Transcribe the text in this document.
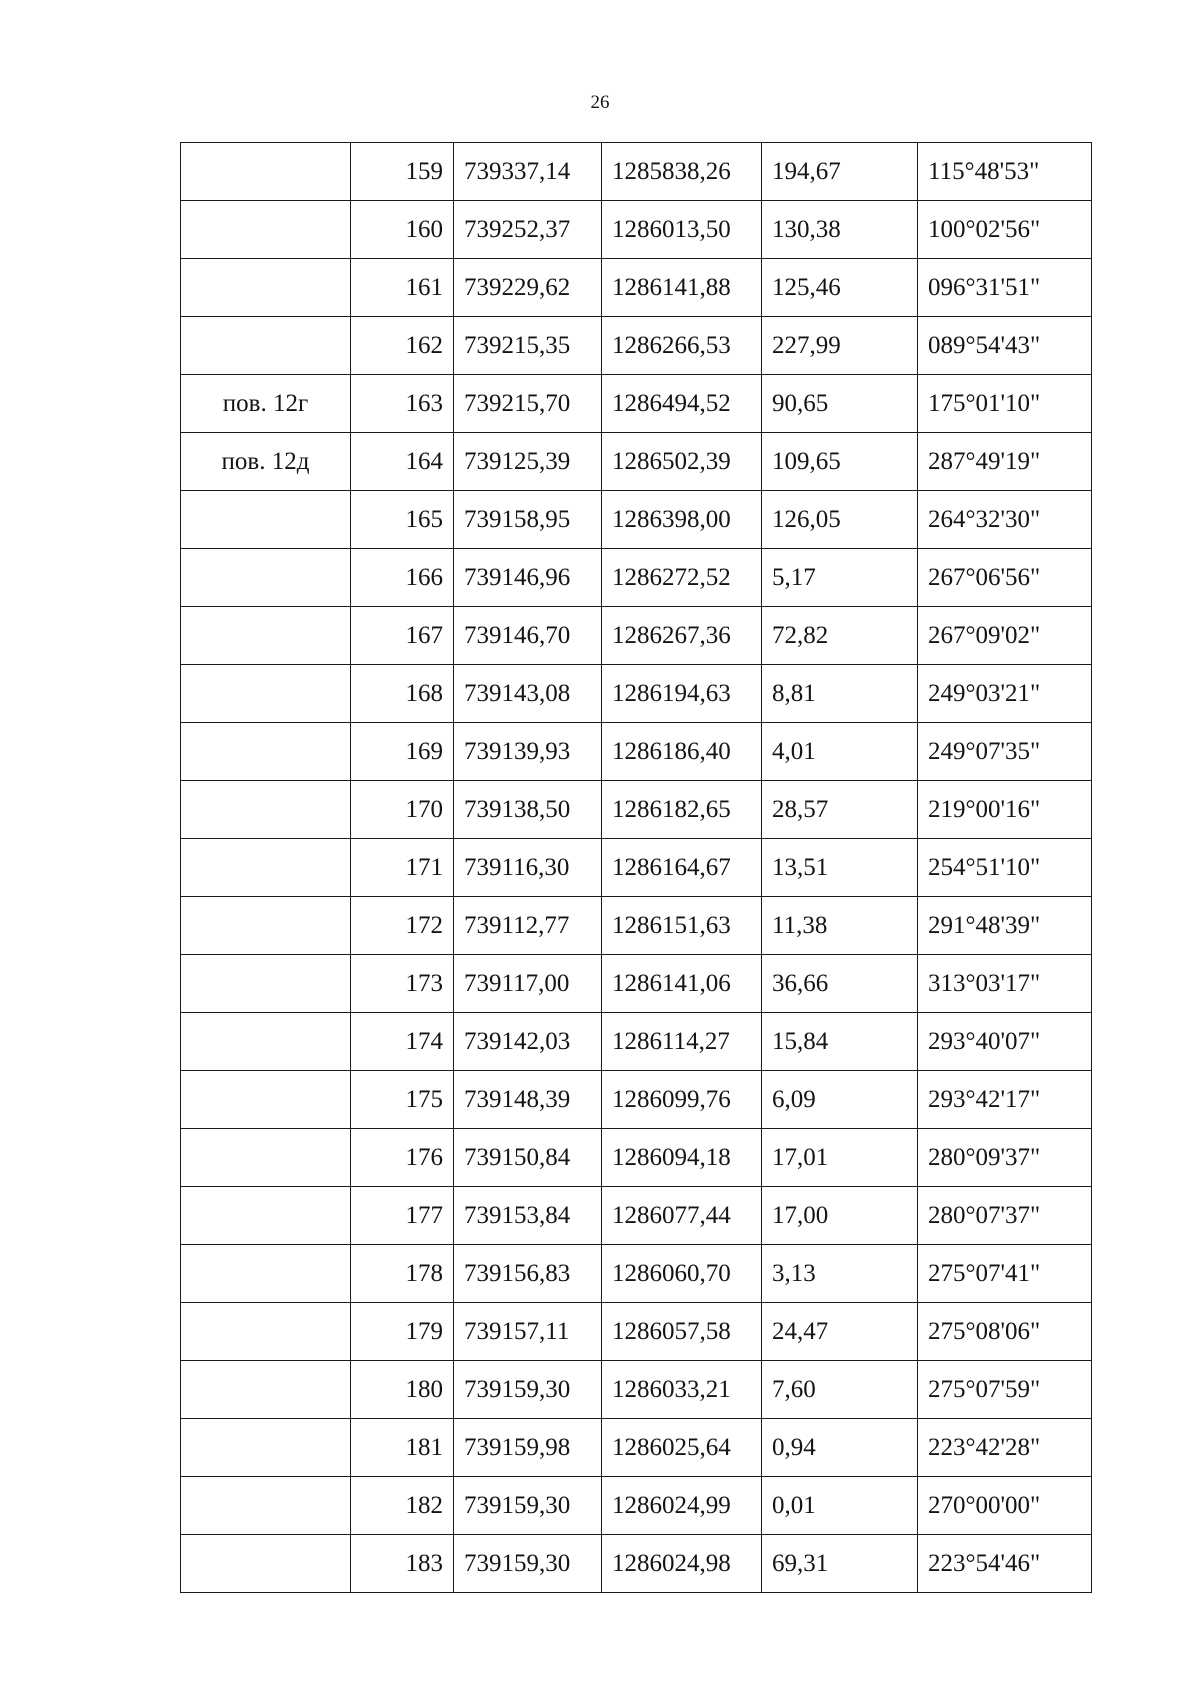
26
	159	739337,14	1285838,26	194,67	115°48'53"
	160	739252,37	1286013,50	130,38	100°02'56"
	161	739229,62	1286141,88	125,46	096°31'51"
	162	739215,35	1286266,53	227,99	089°54'43"
пов. 12г	163	739215,70	1286494,52	90,65	175°01'10"
пов. 12д	164	739125,39	1286502,39	109,65	287°49'19"
	165	739158,95	1286398,00	126,05	264°32'30"
	166	739146,96	1286272,52	5,17	267°06'56"
	167	739146,70	1286267,36	72,82	267°09'02"
	168	739143,08	1286194,63	8,81	249°03'21"
	169	739139,93	1286186,40	4,01	249°07'35"
	170	739138,50	1286182,65	28,57	219°00'16"
	171	739116,30	1286164,67	13,51	254°51'10"
	172	739112,77	1286151,63	11,38	291°48'39"
	173	739117,00	1286141,06	36,66	313°03'17"
	174	739142,03	1286114,27	15,84	293°40'07"
	175	739148,39	1286099,76	6,09	293°42'17"
	176	739150,84	1286094,18	17,01	280°09'37"
	177	739153,84	1286077,44	17,00	280°07'37"
	178	739156,83	1286060,70	3,13	275°07'41"
	179	739157,11	1286057,58	24,47	275°08'06"
	180	739159,30	1286033,21	7,60	275°07'59"
	181	739159,98	1286025,64	0,94	223°42'28"
	182	739159,30	1286024,99	0,01	270°00'00"
	183	739159,30	1286024,98	69,31	223°54'46"
